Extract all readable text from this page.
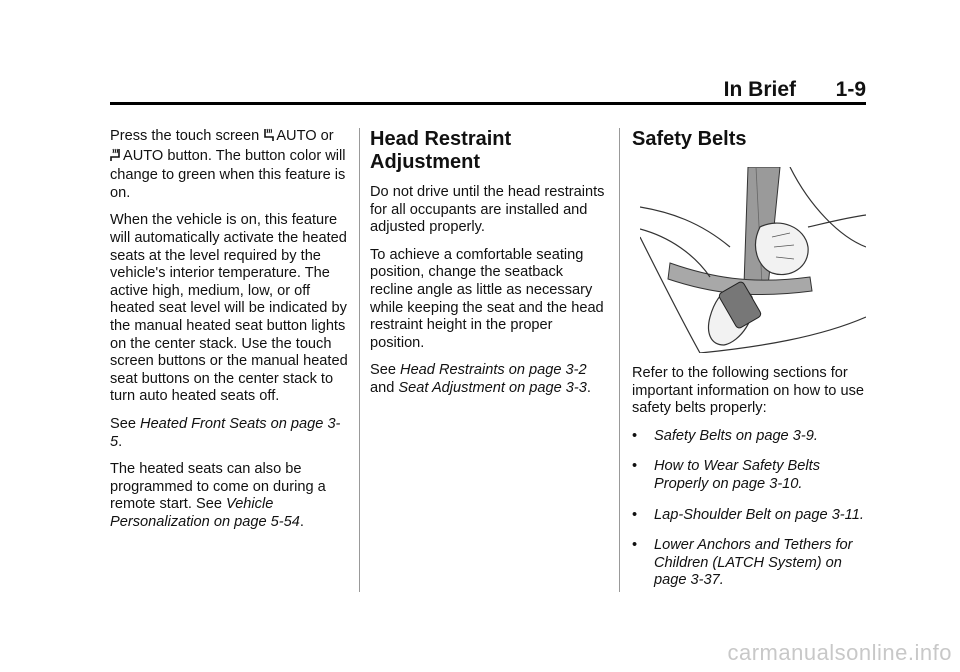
In Brief 1-9

Press the touch screen AUTO or
AUTO button. The button color will change to green when this feature is on.

When the vehicle is on, this feature will automatically activate the heated seats at the level required by the vehicle's interior temperature. The active high, medium, low, or off heated seat level will be indicated by the manual heated seat button lights on the center stack. Use the touch screen buttons or the manual heated seat buttons on the center stack to turn auto heated seats off.

See Heated Front Seats on page 3-5.

The heated seats can also be programmed to come on during a remote start. See Vehicle Personalization on page 5-54.

Head Restraint Adjustment

Do not drive until the head restraints for all occupants are installed and adjusted properly.

To achieve a comfortable seating position, change the seatback recline angle as little as necessary while keeping the seat and the head restraint height in the proper position.

See Head Restraints on page 3-2 and Seat Adjustment on page 3-3.

Safety Belts

Refer to the following sections for important information on how to use safety belts properly:

• Safety Belts on page 3-9.
• How to Wear Safety Belts Properly on page 3-10.
• Lap-Shoulder Belt on page 3-11.
• Lower Anchors and Tethers for Children (LATCH System) on page 3-37.
carmanualsonline.info
